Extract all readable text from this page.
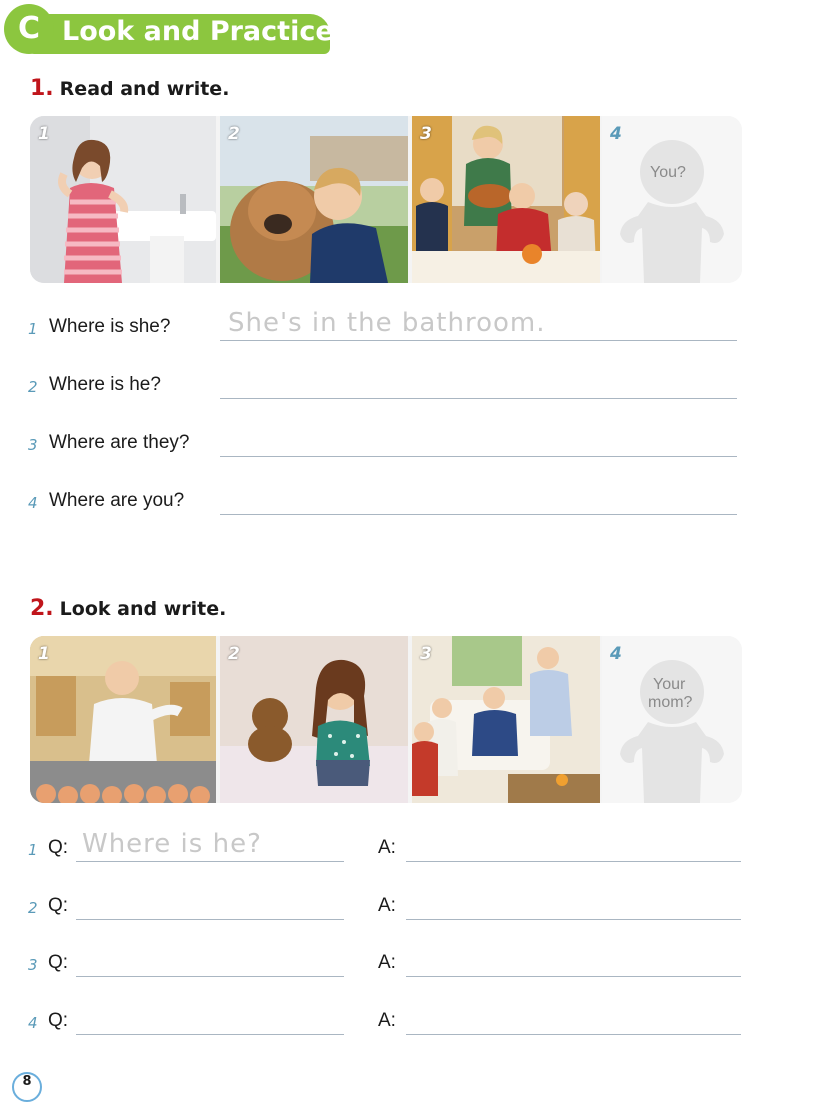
C Look and Practice
1. Read and write.
1	2	3	4
You?
1 Where is she? She's in the bathroom.
2 Where is he?
3 Where are they?
4 Where are you?
2. Look and write.
1	2	3	4
Your
mom?
1 Q: Where is he?	A:
2 Q:	A:
3 Q:	A:
4 Q:	A:
8
